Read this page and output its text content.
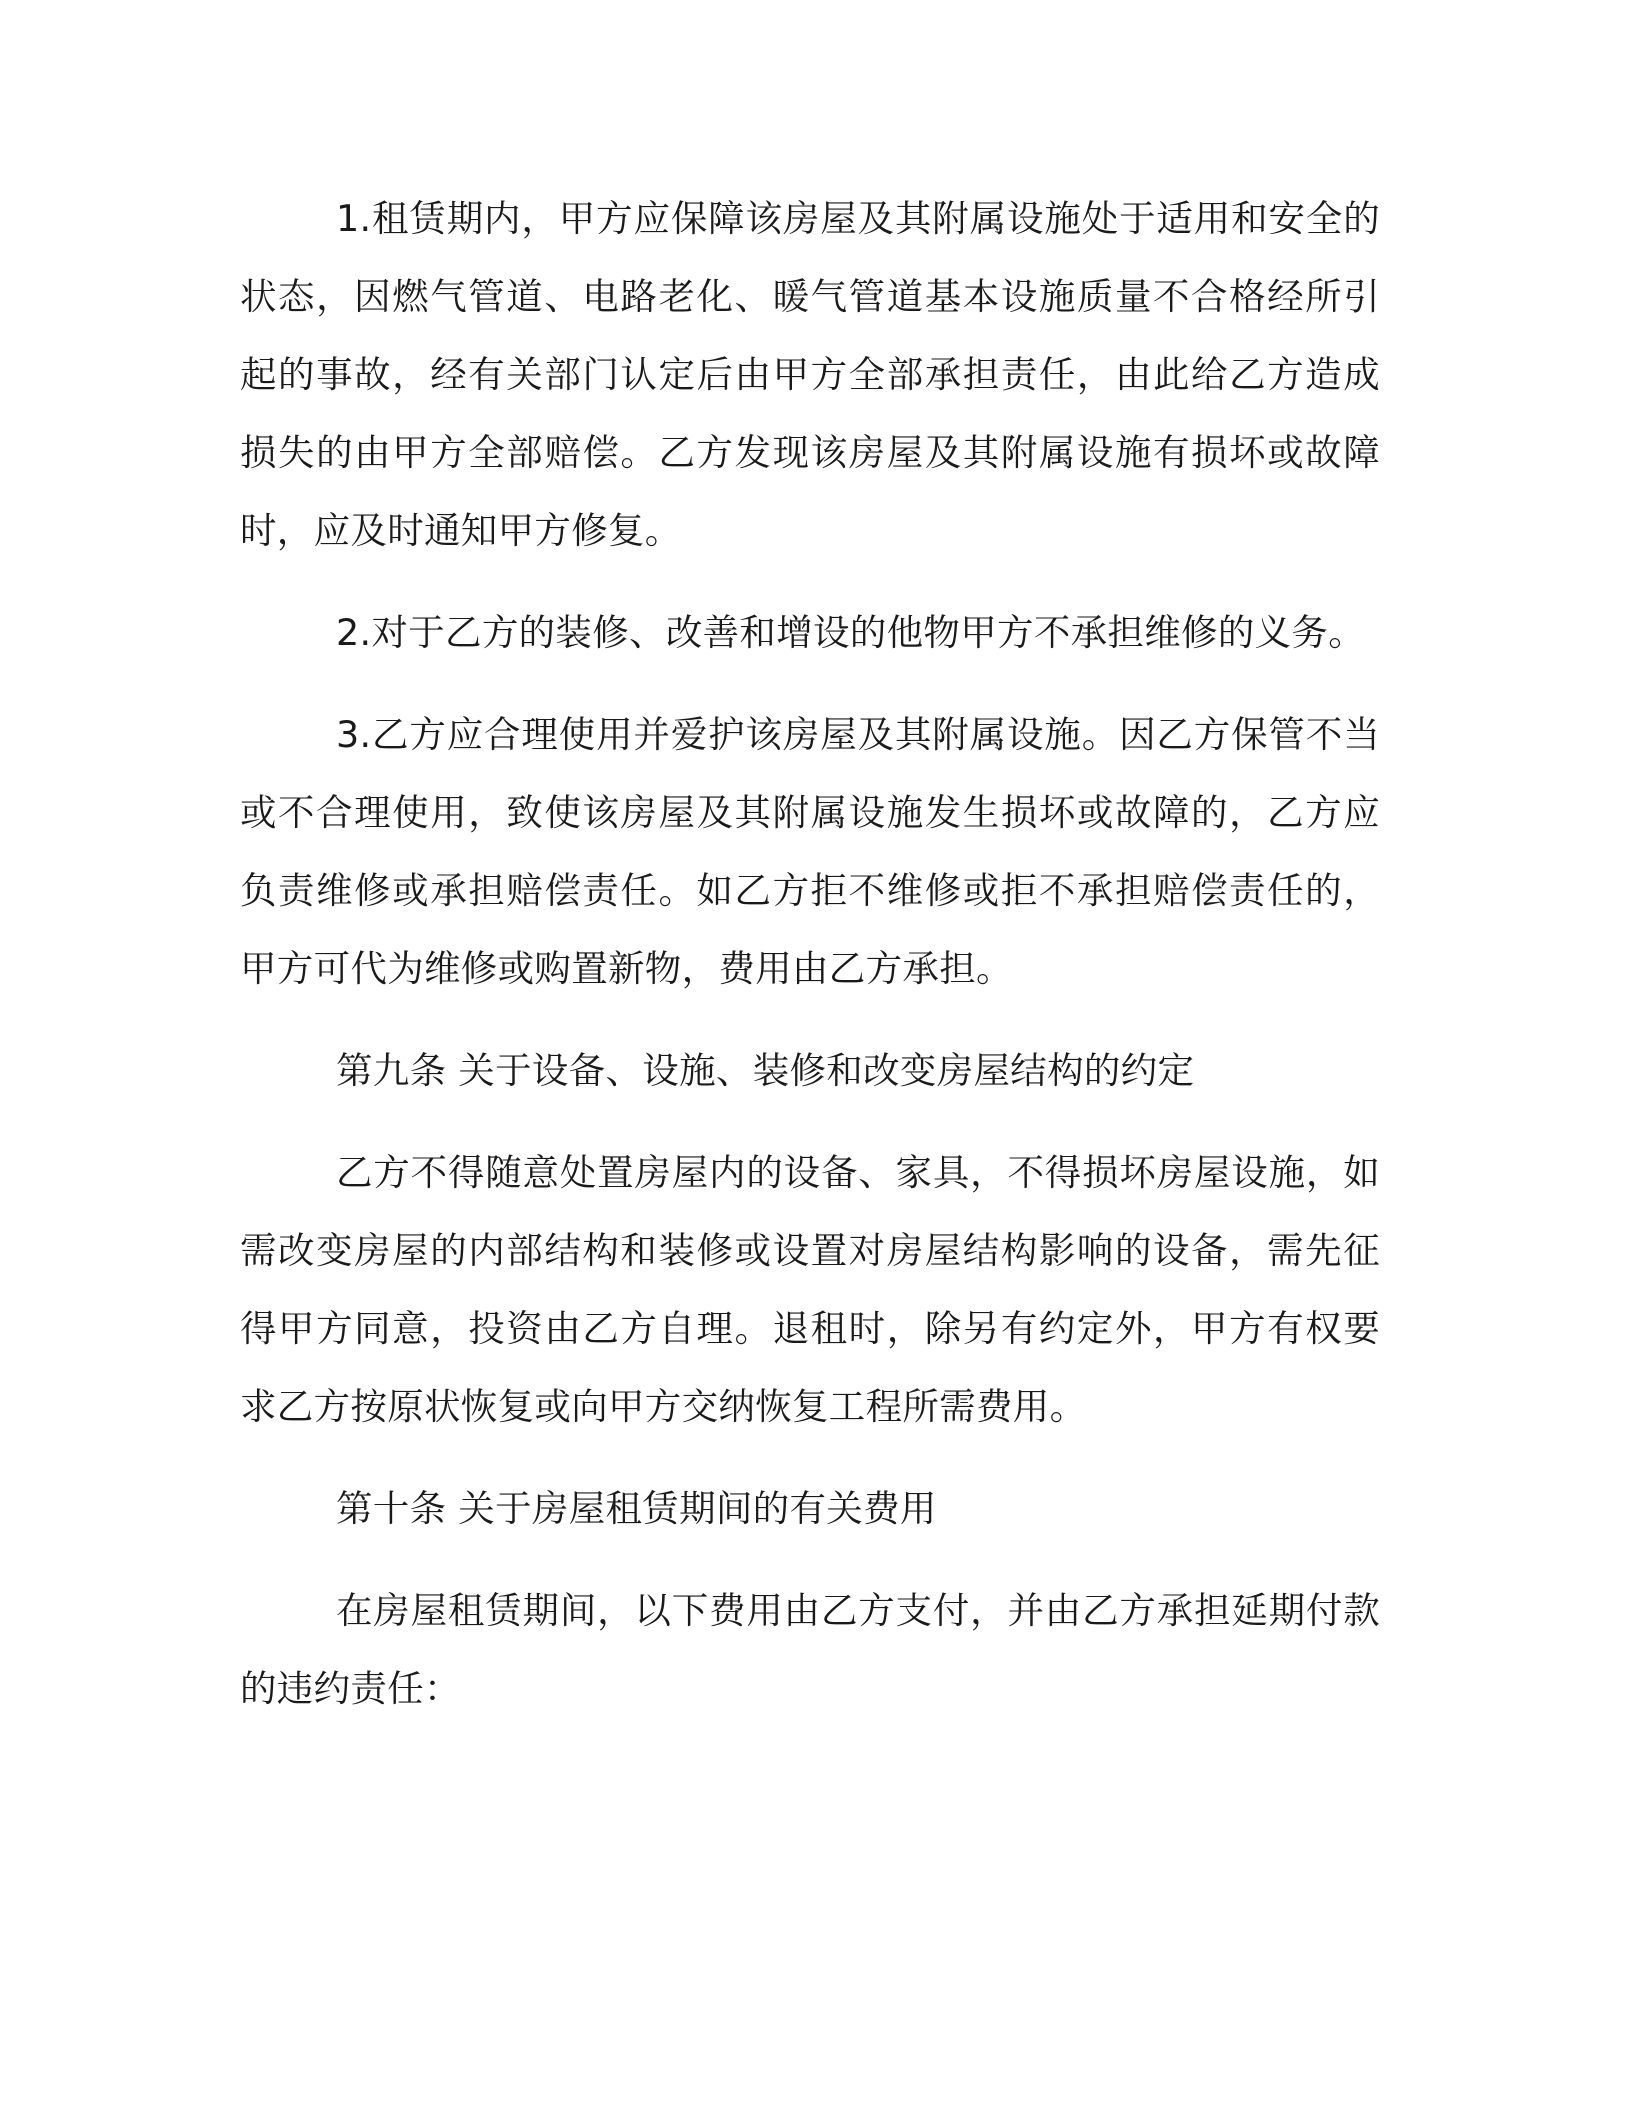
1.租赁期内，甲方应保障该房屋及其附属设施处于适用和安全的状态，因燃气管道、电路老化、暖气管道基本设施质量不合格经所引起的事故，经有关部门认定后由甲方全部承担责任，由此给乙方造成损失的由甲方全部赔偿。乙方发现该房屋及其附属设施有损坏或故障时，应及时通知甲方修复。

2.对于乙方的装修、改善和增设的他物甲方不承担维修的义务。

3.乙方应合理使用并爱护该房屋及其附属设施。因乙方保管不当或不合理使用，致使该房屋及其附属设施发生损坏或故障的，乙方应负责维修或承担赔偿责任。如乙方拒不维修或拒不承担赔偿责任的，甲方可代为维修或购置新物，费用由乙方承担。

第九条 关于设备、设施、装修和改变房屋结构的约定

乙方不得随意处置房屋内的设备、家具，不得损坏房屋设施，如需改变房屋的内部结构和装修或设置对房屋结构影响的设备，需先征得甲方同意，投资由乙方自理。退租时，除另有约定外，甲方有权要求乙方按原状恢复或向甲方交纳恢复工程所需费用。

第十条 关于房屋租赁期间的有关费用

在房屋租赁期间，以下费用由乙方支付，并由乙方承担延期付款的违约责任：
